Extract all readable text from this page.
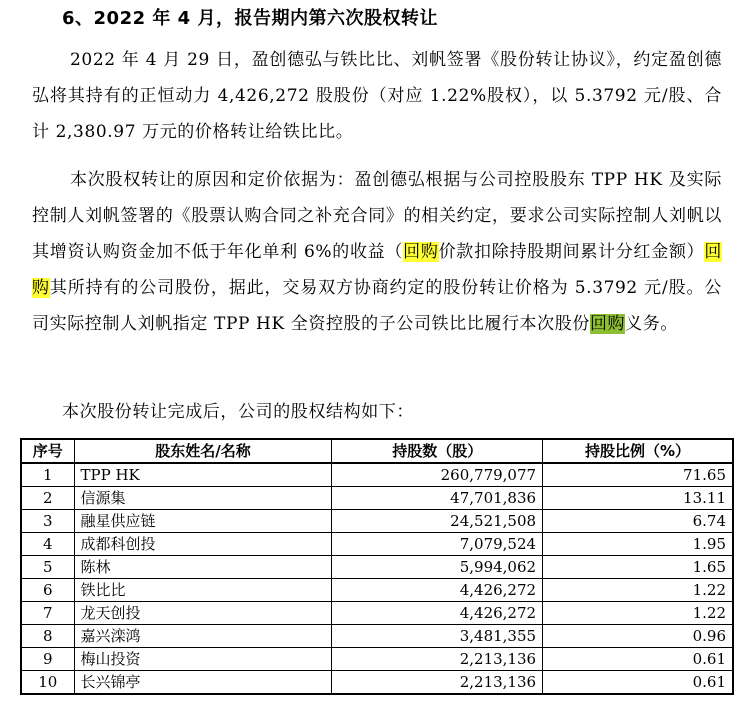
6、2022 年 4 月，报告期内第六次股权转让
2022 年 4 月 29 日，盈创德弘与铁比比、刘帆签署《股份转让协议》，约定盈创德弘将其持有的正恒动力 4,426,272 股股份（对应 1.22%股权），以 5.3792 元/股、合计 2,380.97 万元的价格转让给铁比比。
本次股权转让的原因和定价依据为：盈创德弘根据与公司控股股东 TPP HK 及实际控制人刘帆签署的《股票认购合同之补充合同》的相关约定，要求公司实际控制人刘帆以其增资认购资金加不低于年化单利 6%的收益（回购价款扣除持股期间累计分红金额）回购其所持有的公司股份，据此，交易双方协商约定的股份转让价格为 5.3792 元/股。公司实际控制人刘帆指定 TPP HK 全资控股的子公司铁比比履行本次股份回购义务。
本次股份转让完成后，公司的股权结构如下：
序号	股东姓名/名称	持股数（股）	持股比例（%）
1	TPP HK	260,779,077	71.65
2	信源集	47,701,836	13.11
3	融星供应链	24,521,508	6.74
4	成都科创投	7,079,524	1.95
5	陈林	5,994,062	1.65
6	铁比比	4,426,272	1.22
7	龙天创投	4,426,272	1.22
8	嘉兴滦鸿	3,481,355	0.96
9	梅山投资	2,213,136	0.61
10	长兴锦亭	2,213,136	0.61
